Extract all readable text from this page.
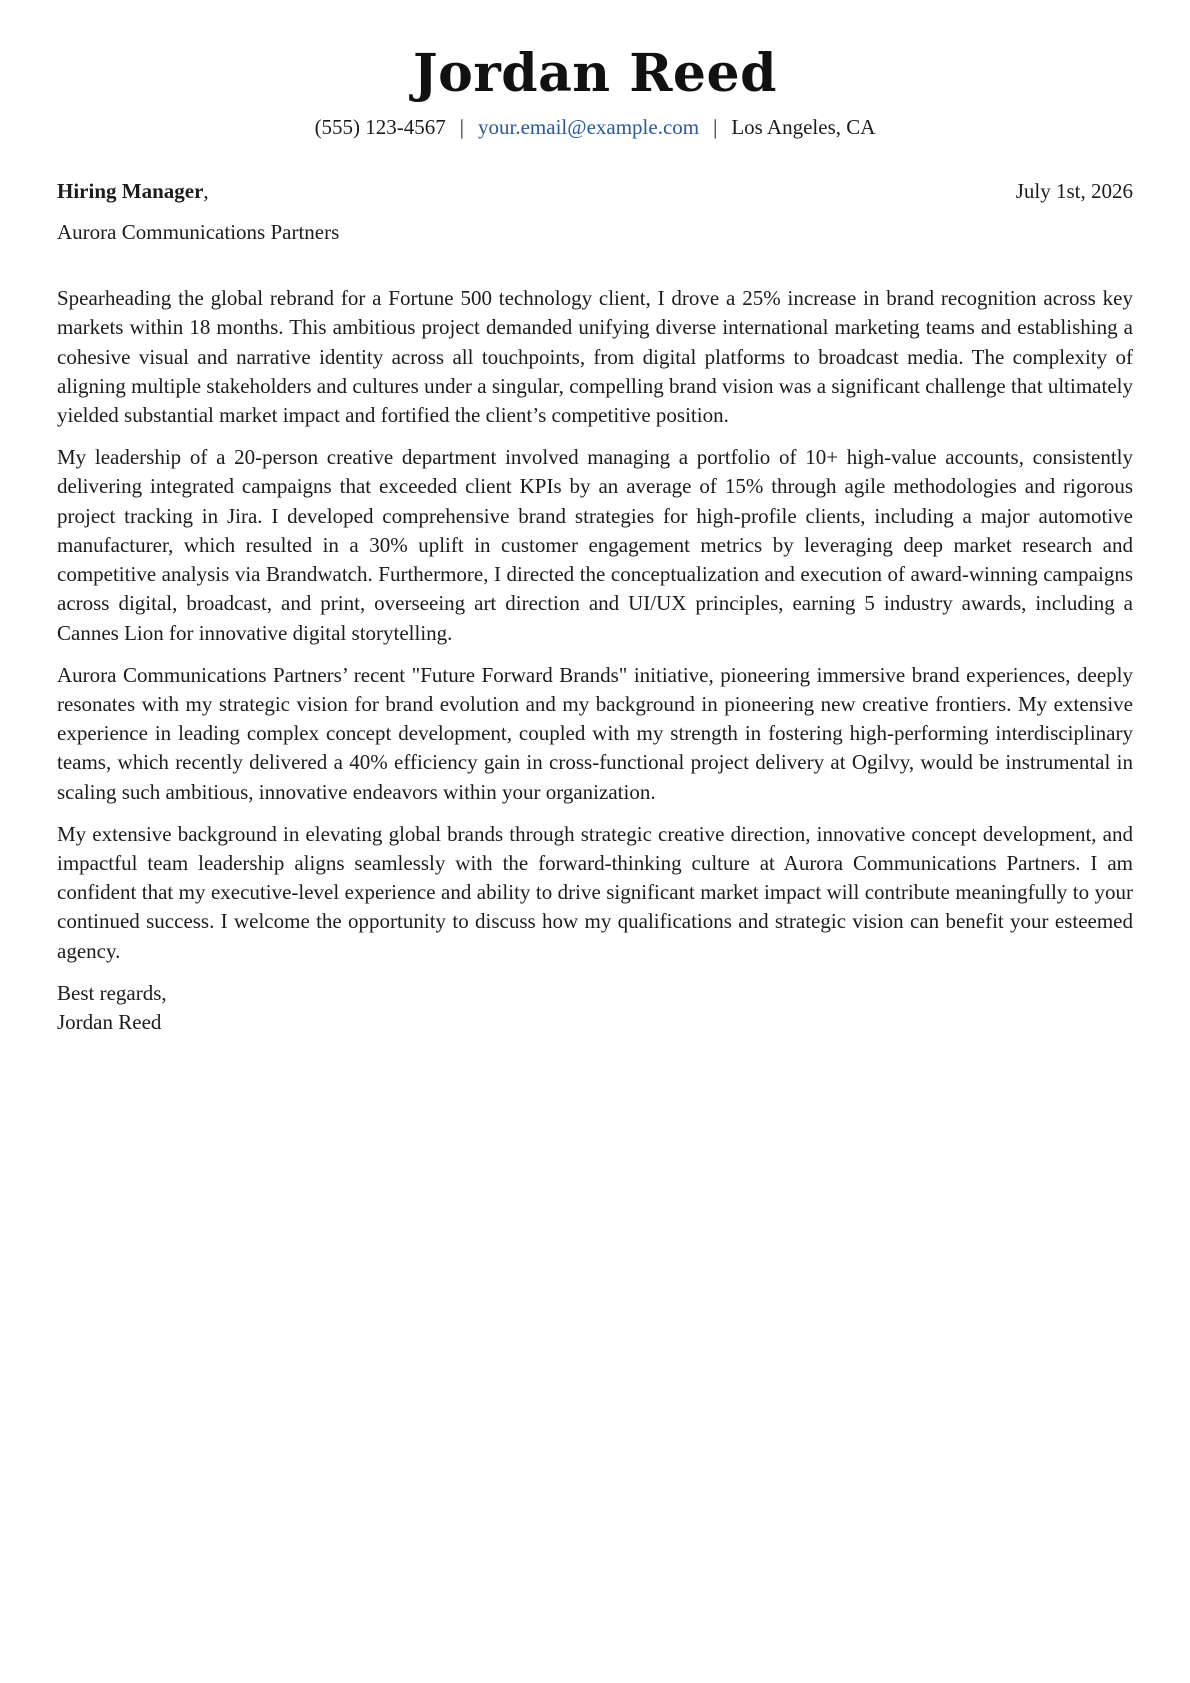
Jordan Reed
(555) 123-4567 | your.email@example.com | Los Angeles, CA
Hiring Manager,	July 1st, 2026
Aurora Communications Partners

Spearheading the global rebrand for a Fortune 500 technology client, I drove a 25% increase in brand recognition across key markets within 18 months. This ambitious project demanded unifying diverse international marketing teams and establishing a cohesive visual and narrative identity across all touchpoints, from digital platforms to broadcast media. The complexity of aligning multiple stakeholders and cultures under a singular, compelling brand vision was a significant challenge that ultimately yielded substantial market impact and fortified the client’s competitive position.

My leadership of a 20-person creative department involved managing a portfolio of 10+ high-value accounts, consistently delivering integrated campaigns that exceeded client KPIs by an average of 15% through agile methodologies and rigorous project tracking in Jira. I developed comprehensive brand strategies for high-profile clients, including a major automotive manufacturer, which resulted in a 30% uplift in customer engagement metrics by leveraging deep market research and competitive analysis via Brandwatch. Furthermore, I directed the conceptualization and execution of award-winning campaigns across digital, broadcast, and print, overseeing art direction and UI/UX principles, earning 5 industry awards, including a Cannes Lion for innovative digital storytelling.

Aurora Communications Partners’ recent "Future Forward Brands" initiative, pioneering immersive brand experiences, deeply resonates with my strategic vision for brand evolution and my background in pioneering new creative frontiers. My extensive experience in leading complex concept development, coupled with my strength in fostering high-performing interdisciplinary teams, which recently delivered a 40% efficiency gain in cross-functional project delivery at Ogilvy, would be instrumental in scaling such ambitious, innovative endeavors within your organization.

My extensive background in elevating global brands through strategic creative direction, innovative concept development, and impactful team leadership aligns seamlessly with the forward-thinking culture at Aurora Communications Partners. I am confident that my executive-level experience and ability to drive significant market impact will contribute meaningfully to your continued success. I welcome the opportunity to discuss how my qualifications and strategic vision can benefit your esteemed agency.

Best regards,
Jordan Reed
